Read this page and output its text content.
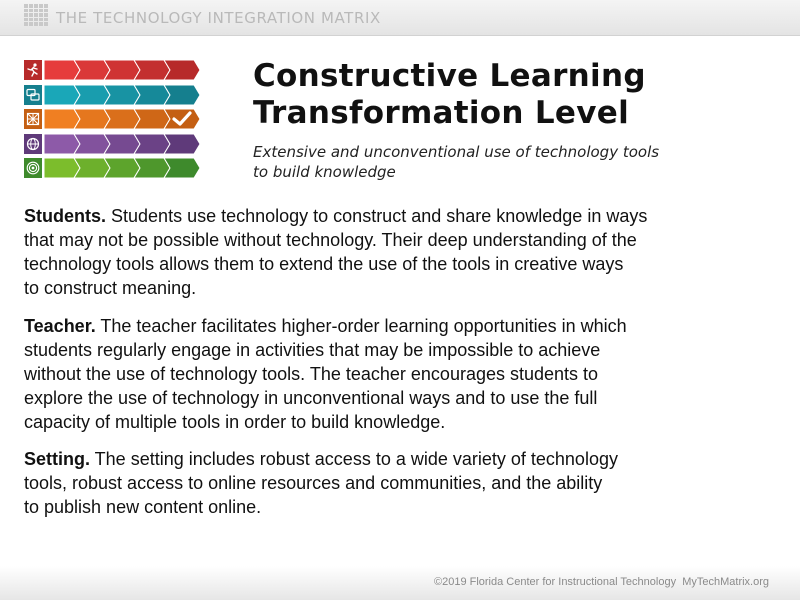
THE TECHNOLOGY INTEGRATION MATRIX
Constructive Learning
Transformation Level
Extensive and unconventional use of technology tools
to build knowledge
Students. Students use technology to construct and share knowledge in ways
that may not be possible without technology. Their deep understanding of the
technology tools allows them to extend the use of the tools in creative ways
to construct meaning.
Teacher. The teacher facilitates higher-order learning opportunities in which
students regularly engage in activities that may be impossible to achieve
without the use of technology tools. The teacher encourages students to
explore the use of technology in unconventional ways and to use the full
capacity of multiple tools in order to build knowledge.
Setting. The setting includes robust access to a wide variety of technology
tools, robust access to online resources and communities, and the ability
to publish new content online.
©2019 Florida Center for Instructional Technology MyTechMatrix.org
